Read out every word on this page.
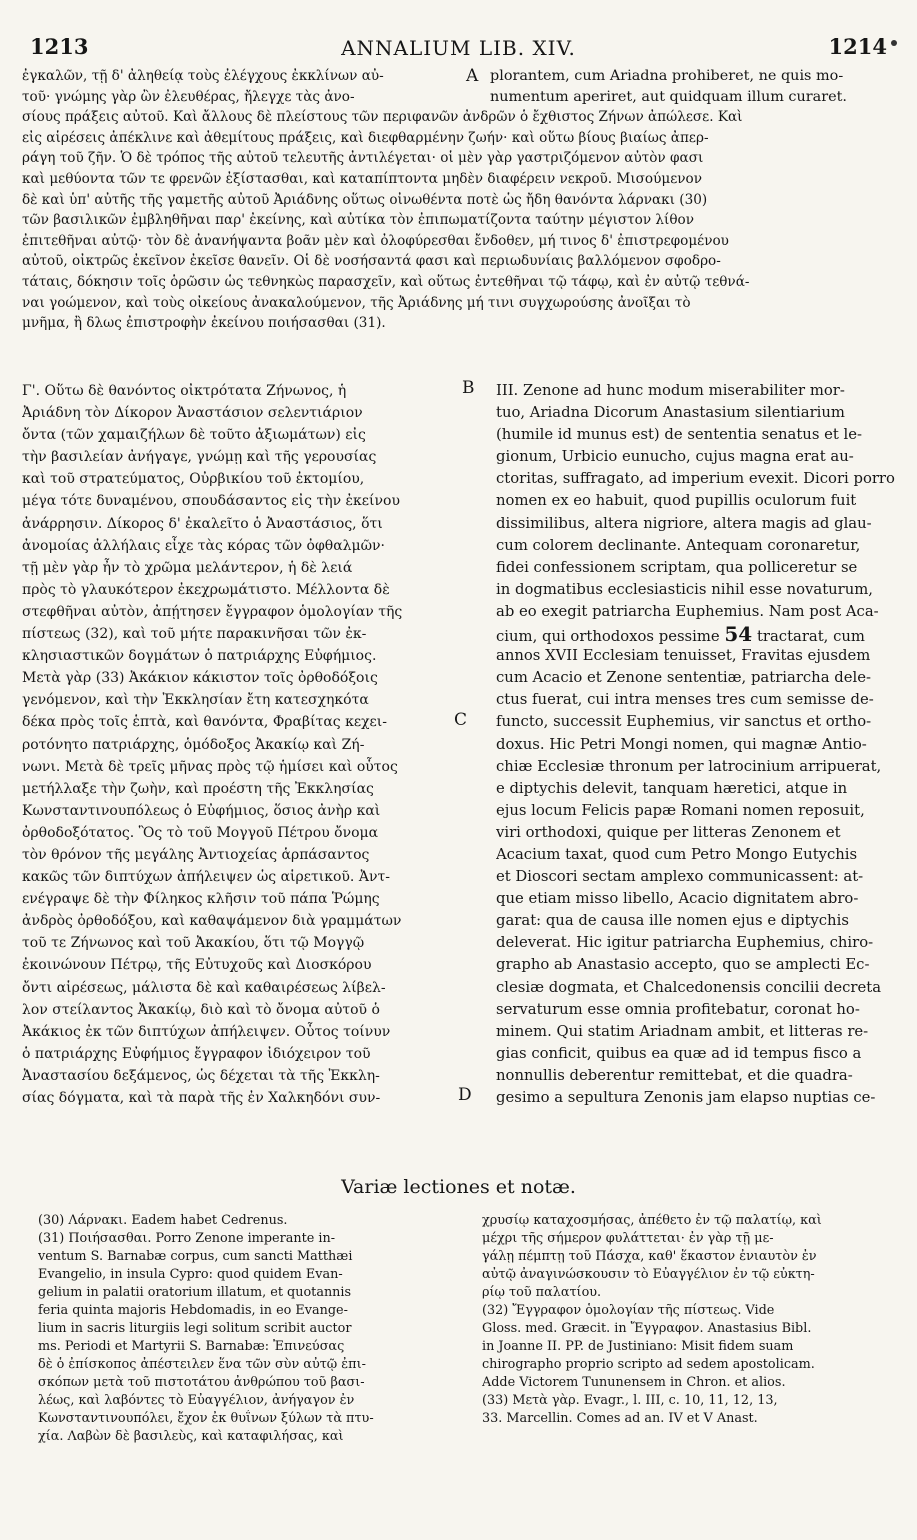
1213	ANNALIUM LIB. XIV.	1214
ἐγκαλῶν, τῇ δ' ἀληθείᾳ τοὺς ἐλέγχους ἐκκλίνων αὐ-	A plorantem, cum Ariadna prohiberet, ne quis mo-
τοῦ· γνώμης γὰρ ὢν ἐλευθέρας, ἤλεγχε τὰς ἀνο-	numentum aperiret, aut quidquam illum curaret.
σίους πράξεις αὐτοῦ. Καὶ ἄλλους δὲ πλείστους τῶν περιφανῶν ἀνδρῶν ὁ ἔχθιστος Ζήνων ἀπώλεσε. Καὶ
εἰς αἱρέσεις ἀπέκλινε καὶ ἀθεμίτους πράξεις, καὶ διεφθαρμένην ζωήν· καὶ οὕτω βίους βιαίως ἀπερ-
ράγη τοῦ ζῆν. Ὁ δὲ τρόπος τῆς αὐτοῦ τελευτῆς ἀντιλέγεται· οἱ μὲν γὰρ γαστριζόμενον αὐτὸν φασι
καὶ μεθύοντα τῶν τε φρενῶν ἐξίστασθαι, καὶ καταπίπτοντα μηδὲν διαφέρειν νεκροῦ. Μισούμενον
δὲ καὶ ὑπ' αὐτῆς τῆς γαμετῆς αὐτοῦ Ἀριάδνης οὕτως οἰνωθέντα ποτὲ ὡς ἤδη θανόντα λάρνακι (30)
τῶν βασιλικῶν ἐμβληθῆναι παρ' ἐκείνης, καὶ αὐτίκα τὸν ἐπιπωματίζοντα ταύτην μέγιστον λίθον
ἐπιτεθῆναι αὐτῷ· τὸν δὲ ἀνανήψαντα βοᾶν μὲν καὶ ὀλοφύρεσθαι ἔνδοθεν, μή τινος δ' ἐπιστρεφομένου
αὐτοῦ, οἰκτρῶς ἐκεῖνον ἐκεῖσε θανεῖν. Οἱ δὲ νοσήσαντά φασι καὶ περιωδυνίαις βαλλόμενον σφοδρο-
τάταις, δόκησιν τοῖς ὁρῶσιν ὡς τεθνηκὼς παρασχεῖν, καὶ οὕτως ἐντεθῆναι τῷ τάφῳ, καὶ ἐν αὐτῷ τεθνά-
ναι γοώμενον, καὶ τοὺς οἰκείους ἀνακαλούμενον, τῆς Ἀριάδνης μή τινι συγχωρούσης ἀνοῖξαι τὸ
μνῆμα, ἢ δλως ἐπιστροφὴν ἐκείνου ποιήσασθαι (31).
Γ'. Οὕτω δὲ θανόντος οἰκτρότατα Ζήνωνος, ἡ
Ἀριάδνη τὸν Δίκορον Ἀναστάσιον σελεντιάριον
ὄντα (τῶν χαμαιζήλων δὲ τοῦτο ἀξιωμάτων) εἰς
τὴν βασιλείαν ἀνήγαγε, γνώμῃ καὶ τῆς γερουσίας
καὶ τοῦ στρατεύματος, Οὐρβικίου τοῦ ἐκτομίου,
μέγα τότε δυναμένου, σπουδάσαντος εἰς τὴν ἐκείνου
ἀνάρρησιν. Δίκορος δ' ἐκαλεῖτο ὁ Ἀναστάσιος, ὅτι
ἀνομοίας ἀλλήλαις εἶχε τὰς κόρας τῶν ὀφθαλμῶν·
τῇ μὲν γὰρ ἦν τὸ χρῶμα μελάντερον, ἡ δὲ λειά
πρὸς τὸ γλαυκότερον ἐκεχρωμάτιστο. Μέλλοντα δὲ
στεφθῆναι αὐτὸν, ἀπῄτησεν ἔγγραφον ὁμολογίαν τῆς
πίστεως (32), καὶ τοῦ μήτε παρακινῆσαι τῶν ἐκ-
κλησιαστικῶν δογμάτων ὁ πατριάρχης Εὐφήμιος.
Μετὰ γὰρ (33) Ἀκάκιον κάκιστον τοῖς ὀρθοδόξοις
γενόμενον, καὶ τὴν Ἐκκλησίαν ἔτη κατεσχηκότα
δέκα πρὸς τοῖς ἑπτὰ, καὶ θανόντα, Φραβίτας κεχει-
ροτόνητο πατριάρχης, ὁμόδοξος Ἀκακίῳ καὶ Ζή-
νωνι. Μετὰ δὲ τρεῖς μῆνας πρὸς τῷ ἡμίσει καὶ οὗτος
μετήλλαξε τὴν ζωὴν, καὶ προέστη τῆς Ἐκκλησίας
Κωνσταντινουπόλεως ὁ Εὐφήμιος, ὅσιος ἀνὴρ καὶ
ὀρθοδοξότατος. Ὃς τὸ τοῦ Μογγοῦ Πέτρου ὄνομα
τὸν θρόνον τῆς μεγάλης Ἀντιοχείας ἁρπάσαντος
κακῶς τῶν διπτύχων ἀπήλειψεν ὡς αἱρετικοῦ. Ἀντ-
ενέγραψε δὲ τὴν Φίληκος κλῆσιν τοῦ πάπα Ῥώμης
ἀνδρὸς ὀρθοδόξου, καὶ καθαψάμενον διὰ γραμμάτων
τοῦ τε Ζήνωνος καὶ τοῦ Ἀκακίου, ὅτι τῷ Μογγῷ
ἐκοινώνουν Πέτρῳ, τῆς Εὐτυχοῦς καὶ Διοσκόρου
ὄντι αἱρέσεως, μάλιστα δὲ καὶ καθαιρέσεως λίβελ-
λον στείλαντος Ἀκακίῳ, διὸ καὶ τὸ ὄνομα αὐτοῦ ὁ
Ἀκάκιος ἐκ τῶν διπτύχων ἀπήλειψεν. Οὗτος τοίνυν
ὁ πατριάρχης Εὐφήμιος ἔγγραφον ἰδιόχειρον τοῦ
Ἀναστασίου δεξάμενος, ὡς δέχεται τὰ τῆς Ἐκκλη-
σίας δόγματα, καὶ τὰ παρὰ τῆς ἐν Χαλκηδόνι συν-
III. Zenone ad hunc modum miserabiliter mor-
tuo, Ariadna Dicorum Anastasium silentiarium
(humile id munus est) de sententia senatus et le-
gionum, Urbicio eunucho, cujus magna erat au-
ctoritas, suffragato, ad imperium evexit. Dicori porro
nomen ex eo habuit, quod pupillis oculorum fuit
dissimilibus, altera nigriore, altera magis ad glau-
cum colorem declinante. Antequam coronaretur,
fidei confessionem scriptam, qua polliceretur se
in dogmatibus ecclesiasticis nihil esse novaturum,
ab eo exegit patriarcha Euphemius. Nam post Aca-
cium, qui orthodoxos pessime 54 tractarat, cum
annos XVII Ecclesiam tenuisset, Fravitas ejusdem
cum Acacio et Zenone sententiæ, patriarcha dele-
ctus fuerat, cui intra menses tres cum semisse de-
functo, successit Euphemius, vir sanctus et ortho-
doxus. Hic Petri Mongi nomen, qui magnæ Antio-
chiæ Ecclesiæ thronum per latrocinium arripuerat,
e diptychis delevit, tanquam hæretici, atque in
ejus locum Felicis papæ Romani nomen reposuit,
viri orthodoxi, quique per litteras Zenonem et
Acacium taxat, quod cum Petro Mongo Eutychis
et Dioscori sectam amplexo communicassent: at-
que etiam misso libello, Acacio dignitatem abro-
garat: qua de causa ille nomen ejus e diptychis
deleverat. Hic igitur patriarcha Euphemius, chiro-
grapho ab Anastasio accepto, quo se amplecti Ec-
clesiæ dogmata, et Chalcedonensis concilii decreta
servaturum esse omnia profitebatur, coronat ho-
minem. Qui statim Ariadnam ambit, et litteras re-
gias conficit, quibus ea quæ ad id tempus fisco a
nonnullis deberentur remittebat, et die quadra-
gesimo a sepultura Zenonis jam elapso nuptias ce-
B
C
D
Variæ lectiones et notæ.
(30) Λάρνακι. Eadem habet Cedrenus.
(31) Ποιήσασθαι. Porro Zenone imperante in-
ventum S. Barnabæ corpus, cum sancti Matthæi
Evangelio, in insula Cypro: quod quidem Evan-
gelium in palatii oratorium illatum, et quotannis
feria quinta majoris Hebdomadis, in eo Evange-
lium in sacris liturgiis legi solitum scribit auctor
ms. Periodi et Martyrii S. Barnabæ: Ἐπινεύσας
δὲ ὁ ἐπίσκοπος ἀπέστειλεν ἕνα τῶν σὺν αὐτῷ ἐπι-
σκόπων μετὰ τοῦ πιστοτάτου ἀνθρώπου τοῦ βασι-
λέως, καὶ λαβόντες τὸ Εὐαγγέλιον, ἀνήγαγον ἐν
Κωνσταντινουπόλει, ἔχον ἐκ θυΐνων ξύλων τὰ πτυ-
χία. Λαβὼν δὲ βασιλεὺς, καὶ καταφιλήσας, καὶ
χρυσίῳ καταχοσμήσας, ἀπέθετο ἐν τῷ παλατίῳ, καὶ
μέχρι τῆς σήμερον φυλάττεται· ἐν γὰρ τῇ με-
γάλῃ πέμπτῃ τοῦ Πάσχα, καθ' ἕκαστον ἐνιαυτὸν ἐν
αὐτῷ ἀναγινώσκουσιν τὸ Εὐαγγέλιον ἐν τῷ εὐκτη-
ρίῳ τοῦ παλατίου.
(32) Ἔγγραφον ὁμολογίαν τῆς πίστεως. Vide
Gloss. med. Græcit. in Ἔγγραφον. Anastasius Bibl.
in Joanne II. PP. de Justiniano: Misit fidem suam
chirographo proprio scripto ad sedem apostolicam.
Adde Victorem Tununensem in Chron. et alios.
(33) Μετὰ γὰρ. Evagr., l. III, c. 10, 11, 12, 13,
33. Marcellin. Comes ad an. IV et V Anast.
